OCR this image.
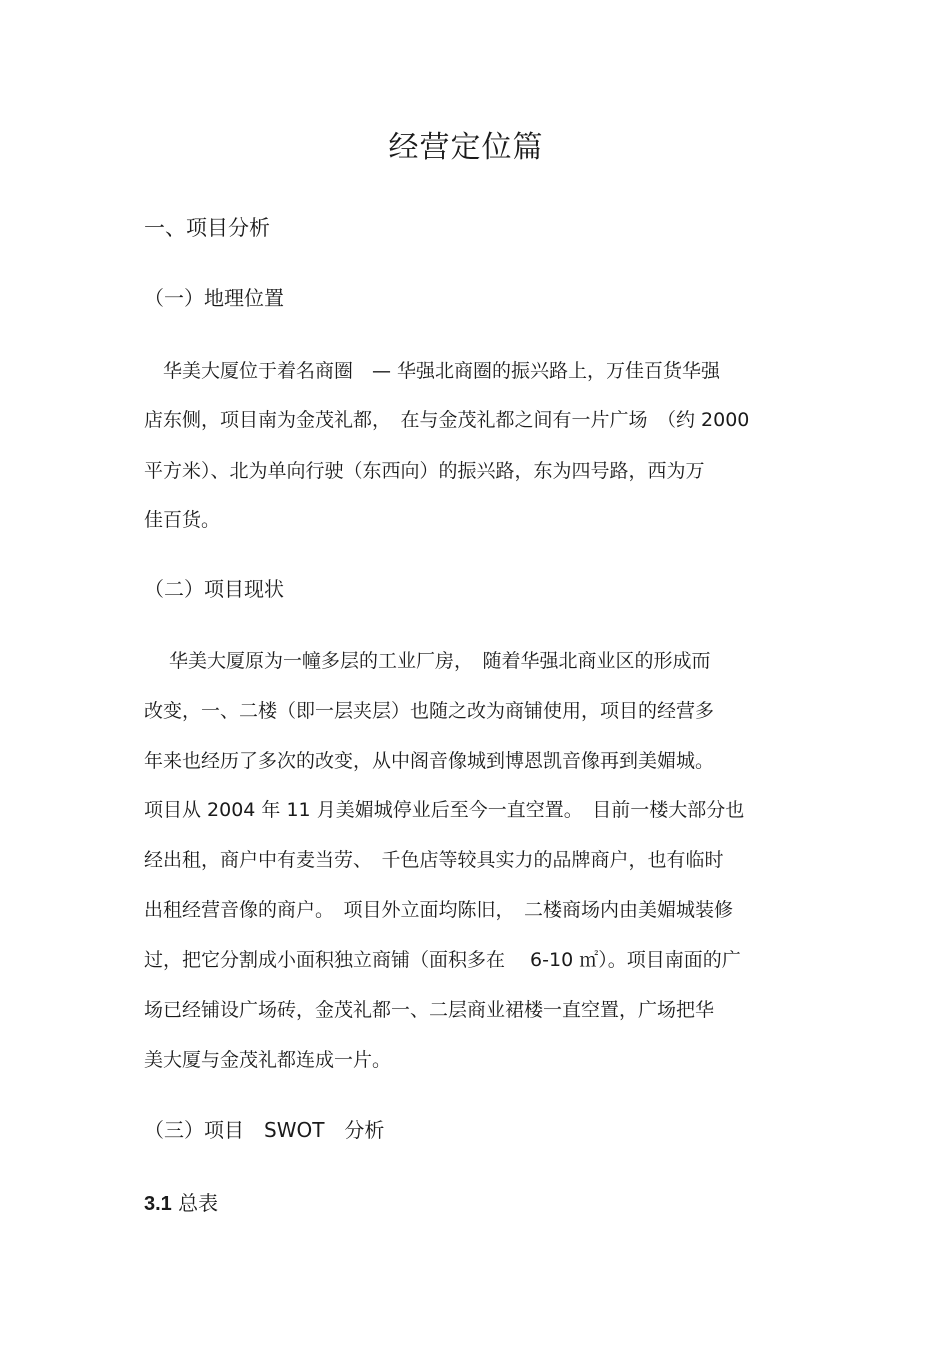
经营定位篇
一、项目分析
（一）地理位置
　华美大厦位于着名商圈　— 华强北商圈的振兴路上，万佳百货华强
店东侧，项目南为金茂礼都，　在与金茂礼都之间有一片广场　（约 2000
平方米）、北为单向行驶（东西向）的振兴路，东为四号路，西为万
佳百货。
（二）项目现状
　 华美大厦原为一幢多层的工业厂房，　随着华强北商业区的形成而
改变，一、二楼（即一层夹层）也随之改为商铺使用，项目的经营多
年来也经历了多次的改变，从中阁音像城到博恩凯音像再到美媚城。
项目从 2004 年 11 月美媚城停业后至今一直空置。　目前一楼大部分也
经出租，商户中有麦当劳、　千色店等较具实力的品牌商户，也有临时
出租经营音像的商户。　项目外立面均陈旧，　二楼商场内由美媚城装修
过，把它分割成小面积独立商铺（面积多在　 6-10 ㎡）。项目南面的广
场已经铺设广场砖，金茂礼都一、二层商业裙楼一直空置，广场把华
美大厦与金茂礼都连成一片。
（三）项目　SWOT　分析
3.1 总表
